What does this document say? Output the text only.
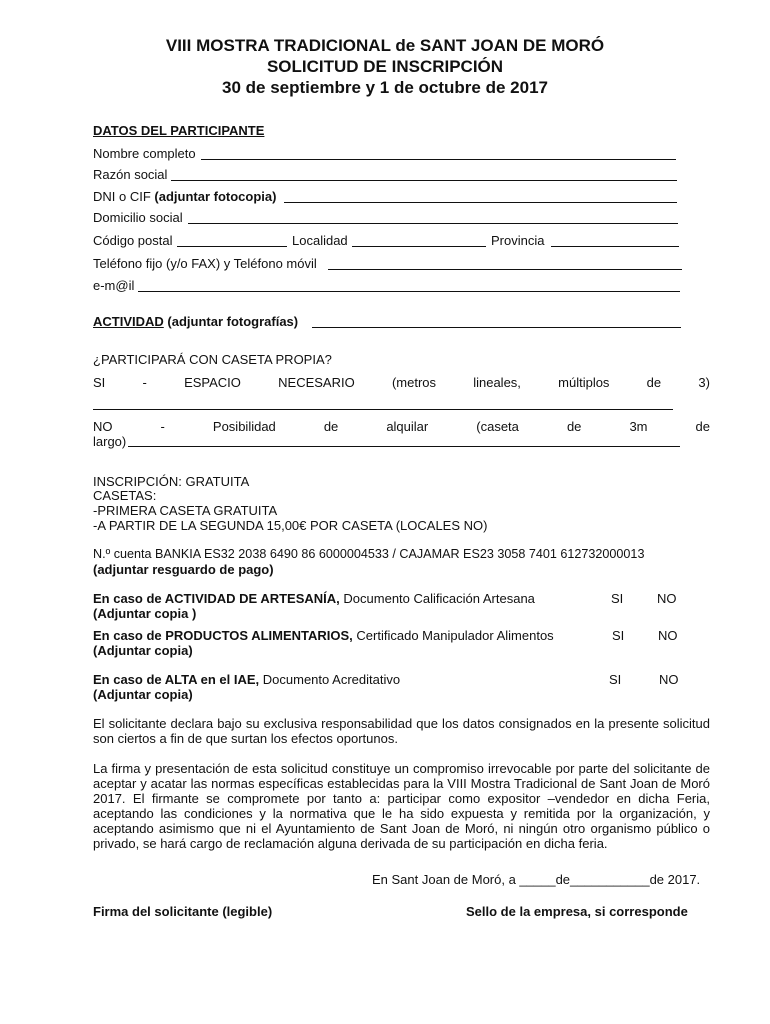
VIII MOSTRA TRADICIONAL de SANT JOAN DE MORÓ
SOLICITUD DE INSCRIPCIÓN
30 de septiembre y 1 de octubre de 2017
DATOS DEL PARTICIPANTE
Nombre completo
Razón social
DNI o CIF (adjuntar fotocopia)
Domicilio social
Código postal	Localidad	Provincia
Teléfono fijo (y/o FAX) y Teléfono móvil
e-m@il
ACTIVIDAD (adjuntar fotografías)
¿PARTICIPARÁ CON CASETA PROPIA?
SI	-	ESPACIO	NECESARIO	(metros	lineales,	múltiplos	de	3)
NO	-	Posibilidad	de	alquilar	(caseta	de	3m	de
largo)
INSCRIPCIÓN: GRATUITA
CASETAS:
-PRIMERA CASETA GRATUITA
-A PARTIR DE LA SEGUNDA 15,00€ POR CASETA (LOCALES NO)
N.º cuenta BANKIA ES32 2038 6490 86 6000004533 / CAJAMAR ES23 3058 7401 612732000013
(adjuntar resguardo de pago)
En caso de ACTIVIDAD DE ARTESANÍA, Documento Calificación Artesana
(Adjuntar copia )
SI	NO
En caso de PRODUCTOS ALIMENTARIOS, Certificado Manipulador Alimentos
(Adjuntar copia)
SI	NO
En caso de ALTA en el IAE, Documento Acreditativo
(Adjuntar copia)
SI	NO
El solicitante declara bajo su exclusiva responsabilidad que los datos consignados en la presente solicitud son ciertos a fin de que surtan los efectos oportunos.
La firma y presentación de esta solicitud constituye un compromiso irrevocable por parte del solicitante de aceptar y acatar las normas específicas establecidas para la VIII Mostra Tradicional de Sant Joan de Moró 2017. El firmante se compromete por tanto a: participar como expositor –vendedor en dicha Feria, aceptando las condiciones y la normativa que le ha sido expuesta y remitida por la organización, y aceptando asimismo que ni el Ayuntamiento de Sant Joan de Moró, ni ningún otro organismo público o privado, se hará cargo de reclamación alguna derivada de su participación en dicha feria.
En Sant Joan de Moró, a _____de___________de 2017.
Firma del solicitante (legible)	Sello de la empresa, si corresponde
